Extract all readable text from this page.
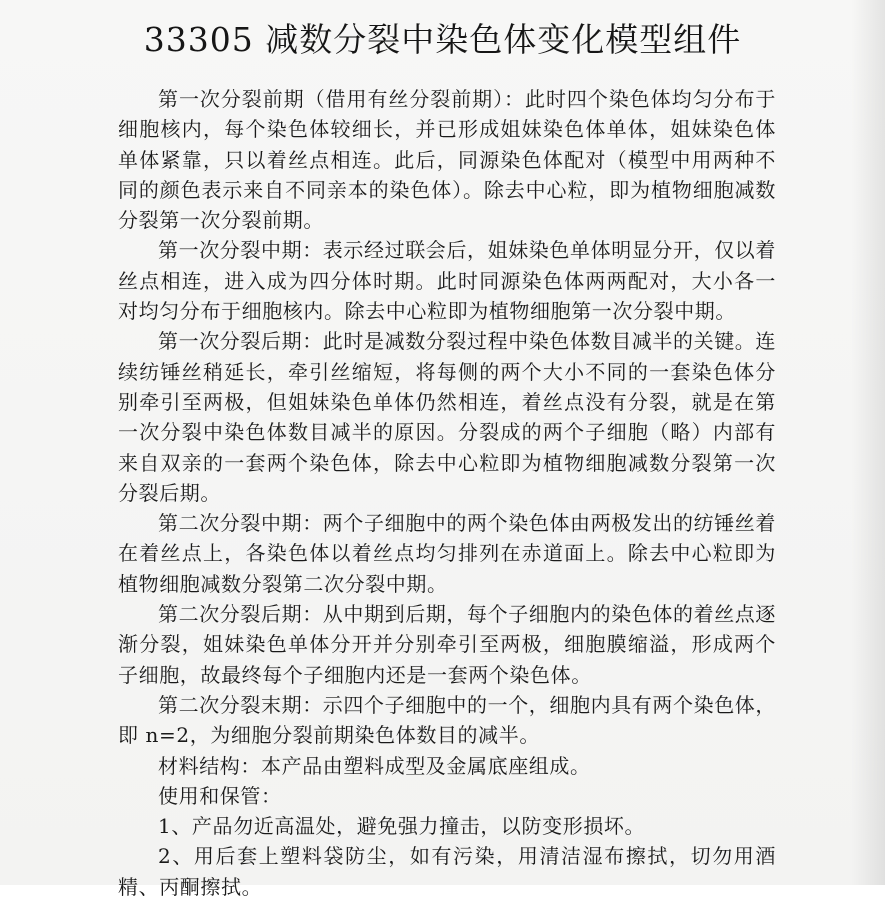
33305 减数分裂中染色体变化模型组件

第一次分裂前期（借用有丝分裂前期）：此时四个染色体均匀分布于细胞核内，每个染色体较细长，并已形成姐妹染色体单体，姐妹染色体单体紧靠，只以着丝点相连。此后，同源染色体配对（模型中用两种不同的颜色表示来自不同亲本的染色体）。除去中心粒，即为植物细胞减数分裂第一次分裂前期。

第一次分裂中期：表示经过联会后，姐妹染色单体明显分开，仅以着丝点相连，进入成为四分体时期。此时同源染色体两两配对，大小各一对均匀分布于细胞核内。除去中心粒即为植物细胞第一次分裂中期。

第一次分裂后期：此时是减数分裂过程中染色体数目减半的关键。连续纺锤丝稍延长，牵引丝缩短，将每侧的两个大小不同的一套染色体分别牵引至两极，但姐妹染色单体仍然相连，着丝点没有分裂，就是在第一次分裂中染色体数目减半的原因。分裂成的两个子细胞（略）内部有来自双亲的一套两个染色体，除去中心粒即为植物细胞减数分裂第一次分裂后期。

第二次分裂中期：两个子细胞中的两个染色体由两极发出的纺锤丝着在着丝点上，各染色体以着丝点均匀排列在赤道面上。除去中心粒即为植物细胞减数分裂第二次分裂中期。

第二次分裂后期：从中期到后期，每个子细胞内的染色体的着丝点逐渐分裂，姐妹染色单体分开并分别牵引至两极，细胞膜缩溢，形成两个子细胞，故最终每个子细胞内还是一套两个染色体。

第二次分裂末期：示四个子细胞中的一个，细胞内具有两个染色体，即 n=2，为细胞分裂前期染色体数目的减半。

材料结构：本产品由塑料成型及金属底座组成。

使用和保管：

1、产品勿近高温处，避免强力撞击，以防变形损坏。

2、用后套上塑料袋防尘，如有污染，用清洁湿布擦拭，切勿用酒精、丙酮擦拭。
